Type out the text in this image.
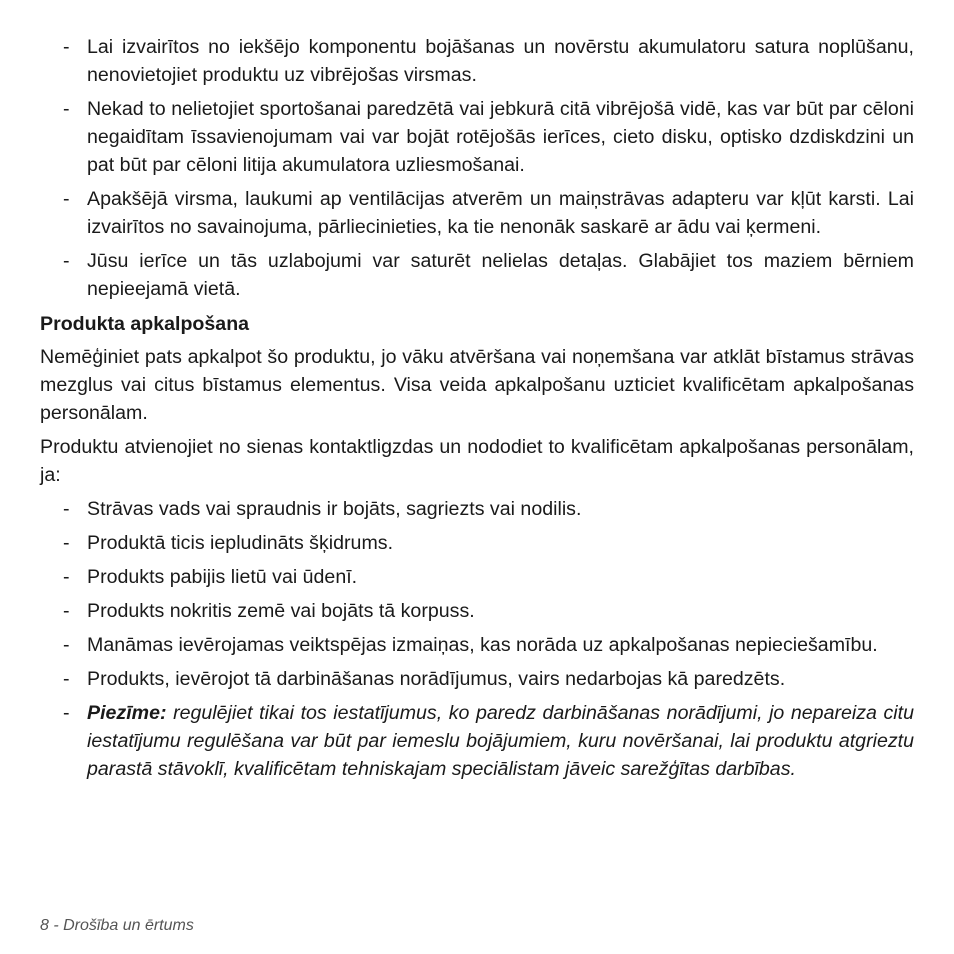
- Lai izvairītos no iekšējo komponentu bojāšanas un novērstu akumulatoru satura noplūšanu, nenovietojiet produktu uz vibrējošas virsmas.
- Nekad to nelietojiet sportošanai paredzētā vai jebkurā citā vibrējošā vidē, kas var būt par cēloni negaidītam īssavienojumam vai var bojāt rotējošās ierīces, cieto disku, optisko dzdiskdzini un pat būt par cēloni litija akumulatora uzliesmošanai.
- Apakšējā virsma, laukumi ap ventilācijas atverēm un maiņstrāvas adapteru var kļūt karsti. Lai izvairītos no savainojuma, pārliecinieties, ka tie nenonāk saskarē ar ādu vai ķermeni.
- Jūsu ierīce un tās uzlabojumi var saturēt nelielas detaļas. Glabājiet tos maziem bērniem nepieejamā vietā.
Produkta apkalpošana

Nemēģiniet pats apkalpot šo produktu, jo vāku atvēršana vai noņemšana var atklāt bīstamus strāvas mezglus vai citus bīstamus elementus. Visa veida apkalpošanu uzticiet kvalificētam apkalpošanas personālam.

Produktu atvienojiet no sienas kontaktligzdas un nododiet to kvalificētam apkalpošanas personālam, ja:

- Strāvas vads vai spraudnis ir bojāts, sagriezts vai nodilis.
- Produktā ticis iepludināts šķidrums.
- Produkts pabijis lietū vai ūdenī.
- Produkts nokritis zemē vai bojāts tā korpuss.
- Manāmas ievērojamas veiktspējas izmaiņas, kas norāda uz apkalpošanas nepieciešamību.
- Produkts, ievērojot tā darbināšanas norādījumus, vairs nedarbojas kā paredzēts.
- Piezīme: regulējiet tikai tos iestatījumus, ko paredz darbināšanas norādījumi, jo nepareiza citu iestatījumu regulēšana var būt par iemeslu bojājumiem, kuru novēršanai, lai produktu atgrieztu parastā stāvoklī, kvalificētam tehniskajam speciālistam jāveic sarežģītas darbības.
8 - Drošība un ērtums
